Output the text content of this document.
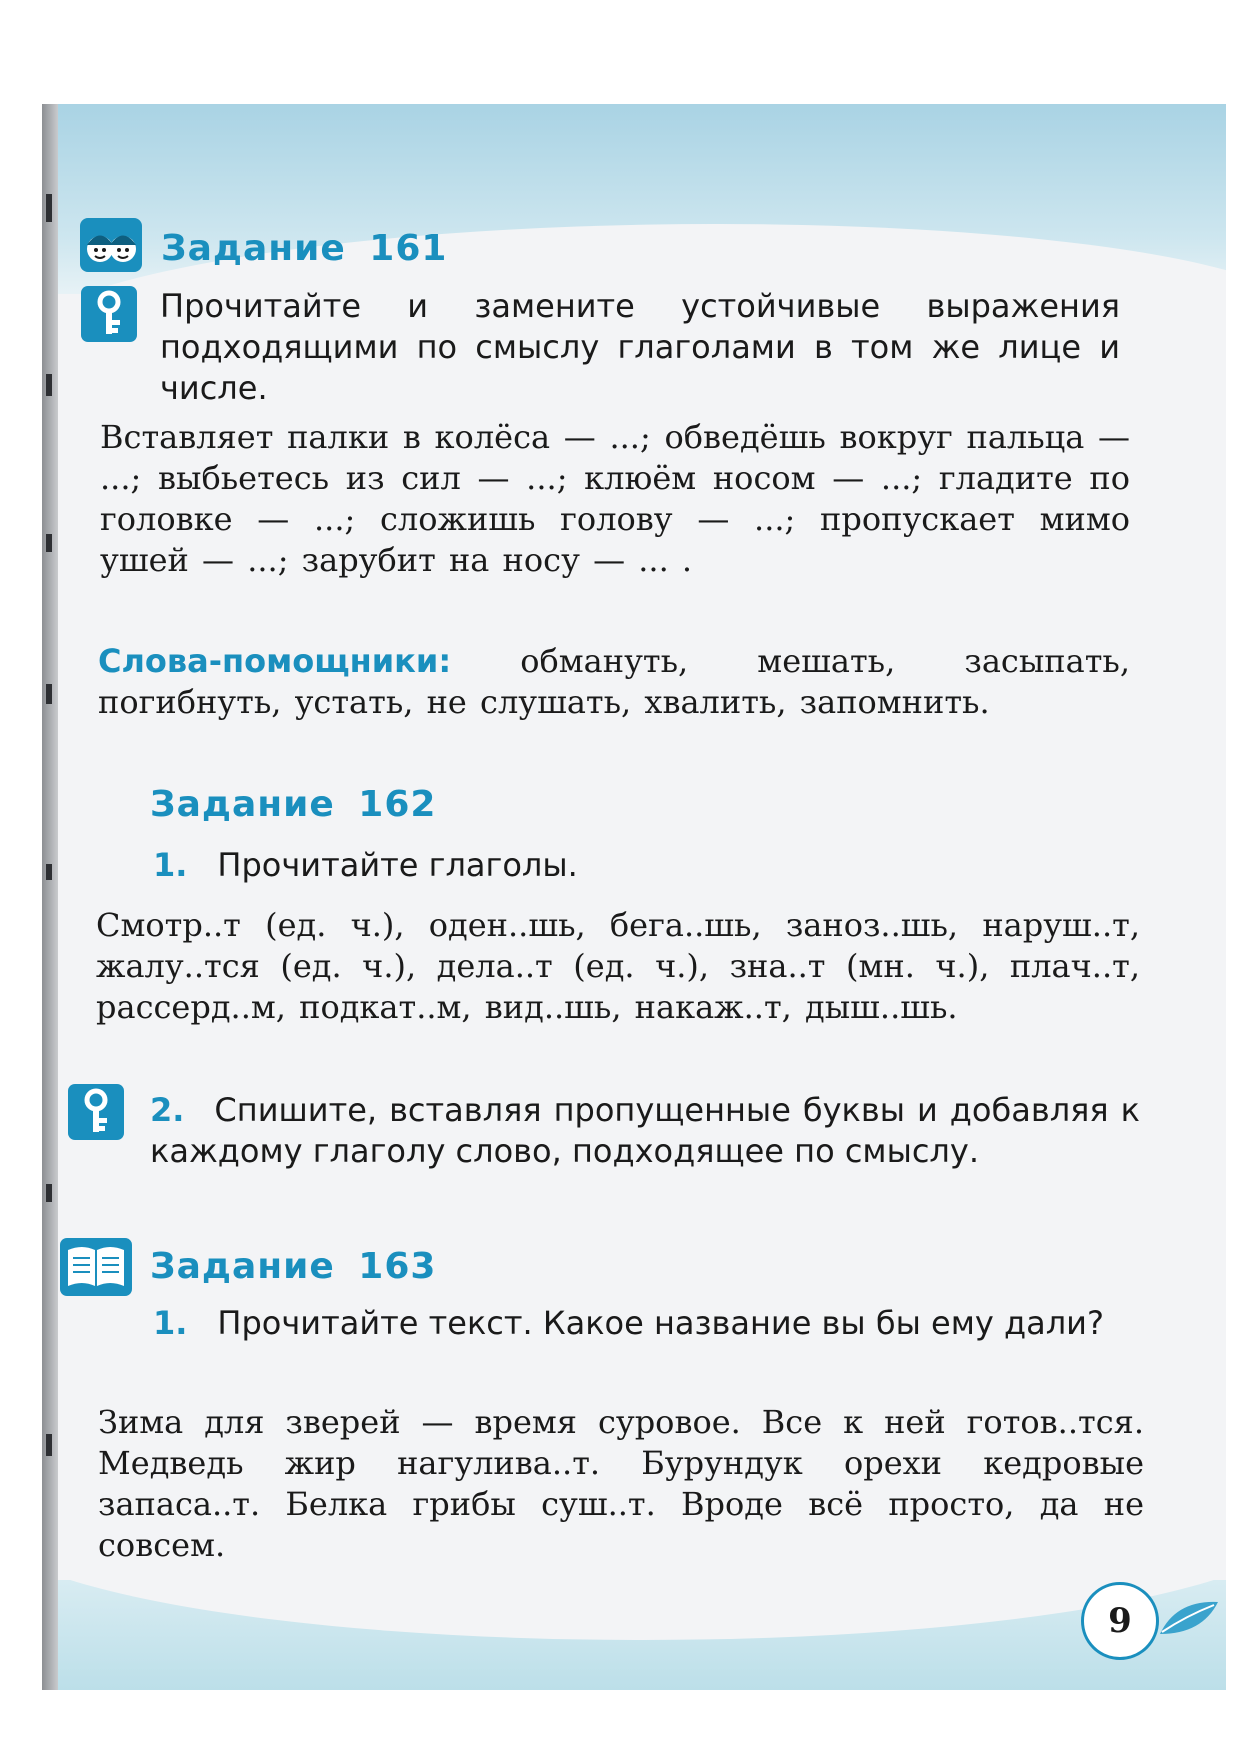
Задание 161

Прочитайте и замените устойчивые выражения подходящими по смыслу глаголами в том же лице и числе.

Вставляет палки в колёса — ...; обведёшь вокруг пальца — ...; выбьетесь из сил — ...; клюём носом — ...; гладите по головке — ...; сложишь голову — ...; пропускает мимо ушей — ...; зарубит на носу — ... .

Слова-помощники: обмануть, мешать, засыпать, погибнуть, устать, не слушать, хвалить, запомнить.

Задание 162

1. Прочитайте глаголы.

Смотр..т (ед. ч.), оден..шь, бега..шь, заноз..шь, наруш..т, жалу..тся (ед. ч.), дела..т (ед. ч.), зна..т (мн. ч.), плач..т, рассерд..м, подкат..м, вид..шь, накаж..т, дыш..шь.

2. Спишите, вставляя пропущенные буквы и добавляя к каждому глаголу слово, подходящее по смыслу.

Задание 163

1. Прочитайте текст. Какое название вы бы ему дали?

Зима для зверей — время суровое. Все к ней готов..тся. Медведь жир нагулива..т. Бурундук орехи кедровые запаса..т. Белка грибы суш..т. Вроде всё просто, да не совсем.

9
